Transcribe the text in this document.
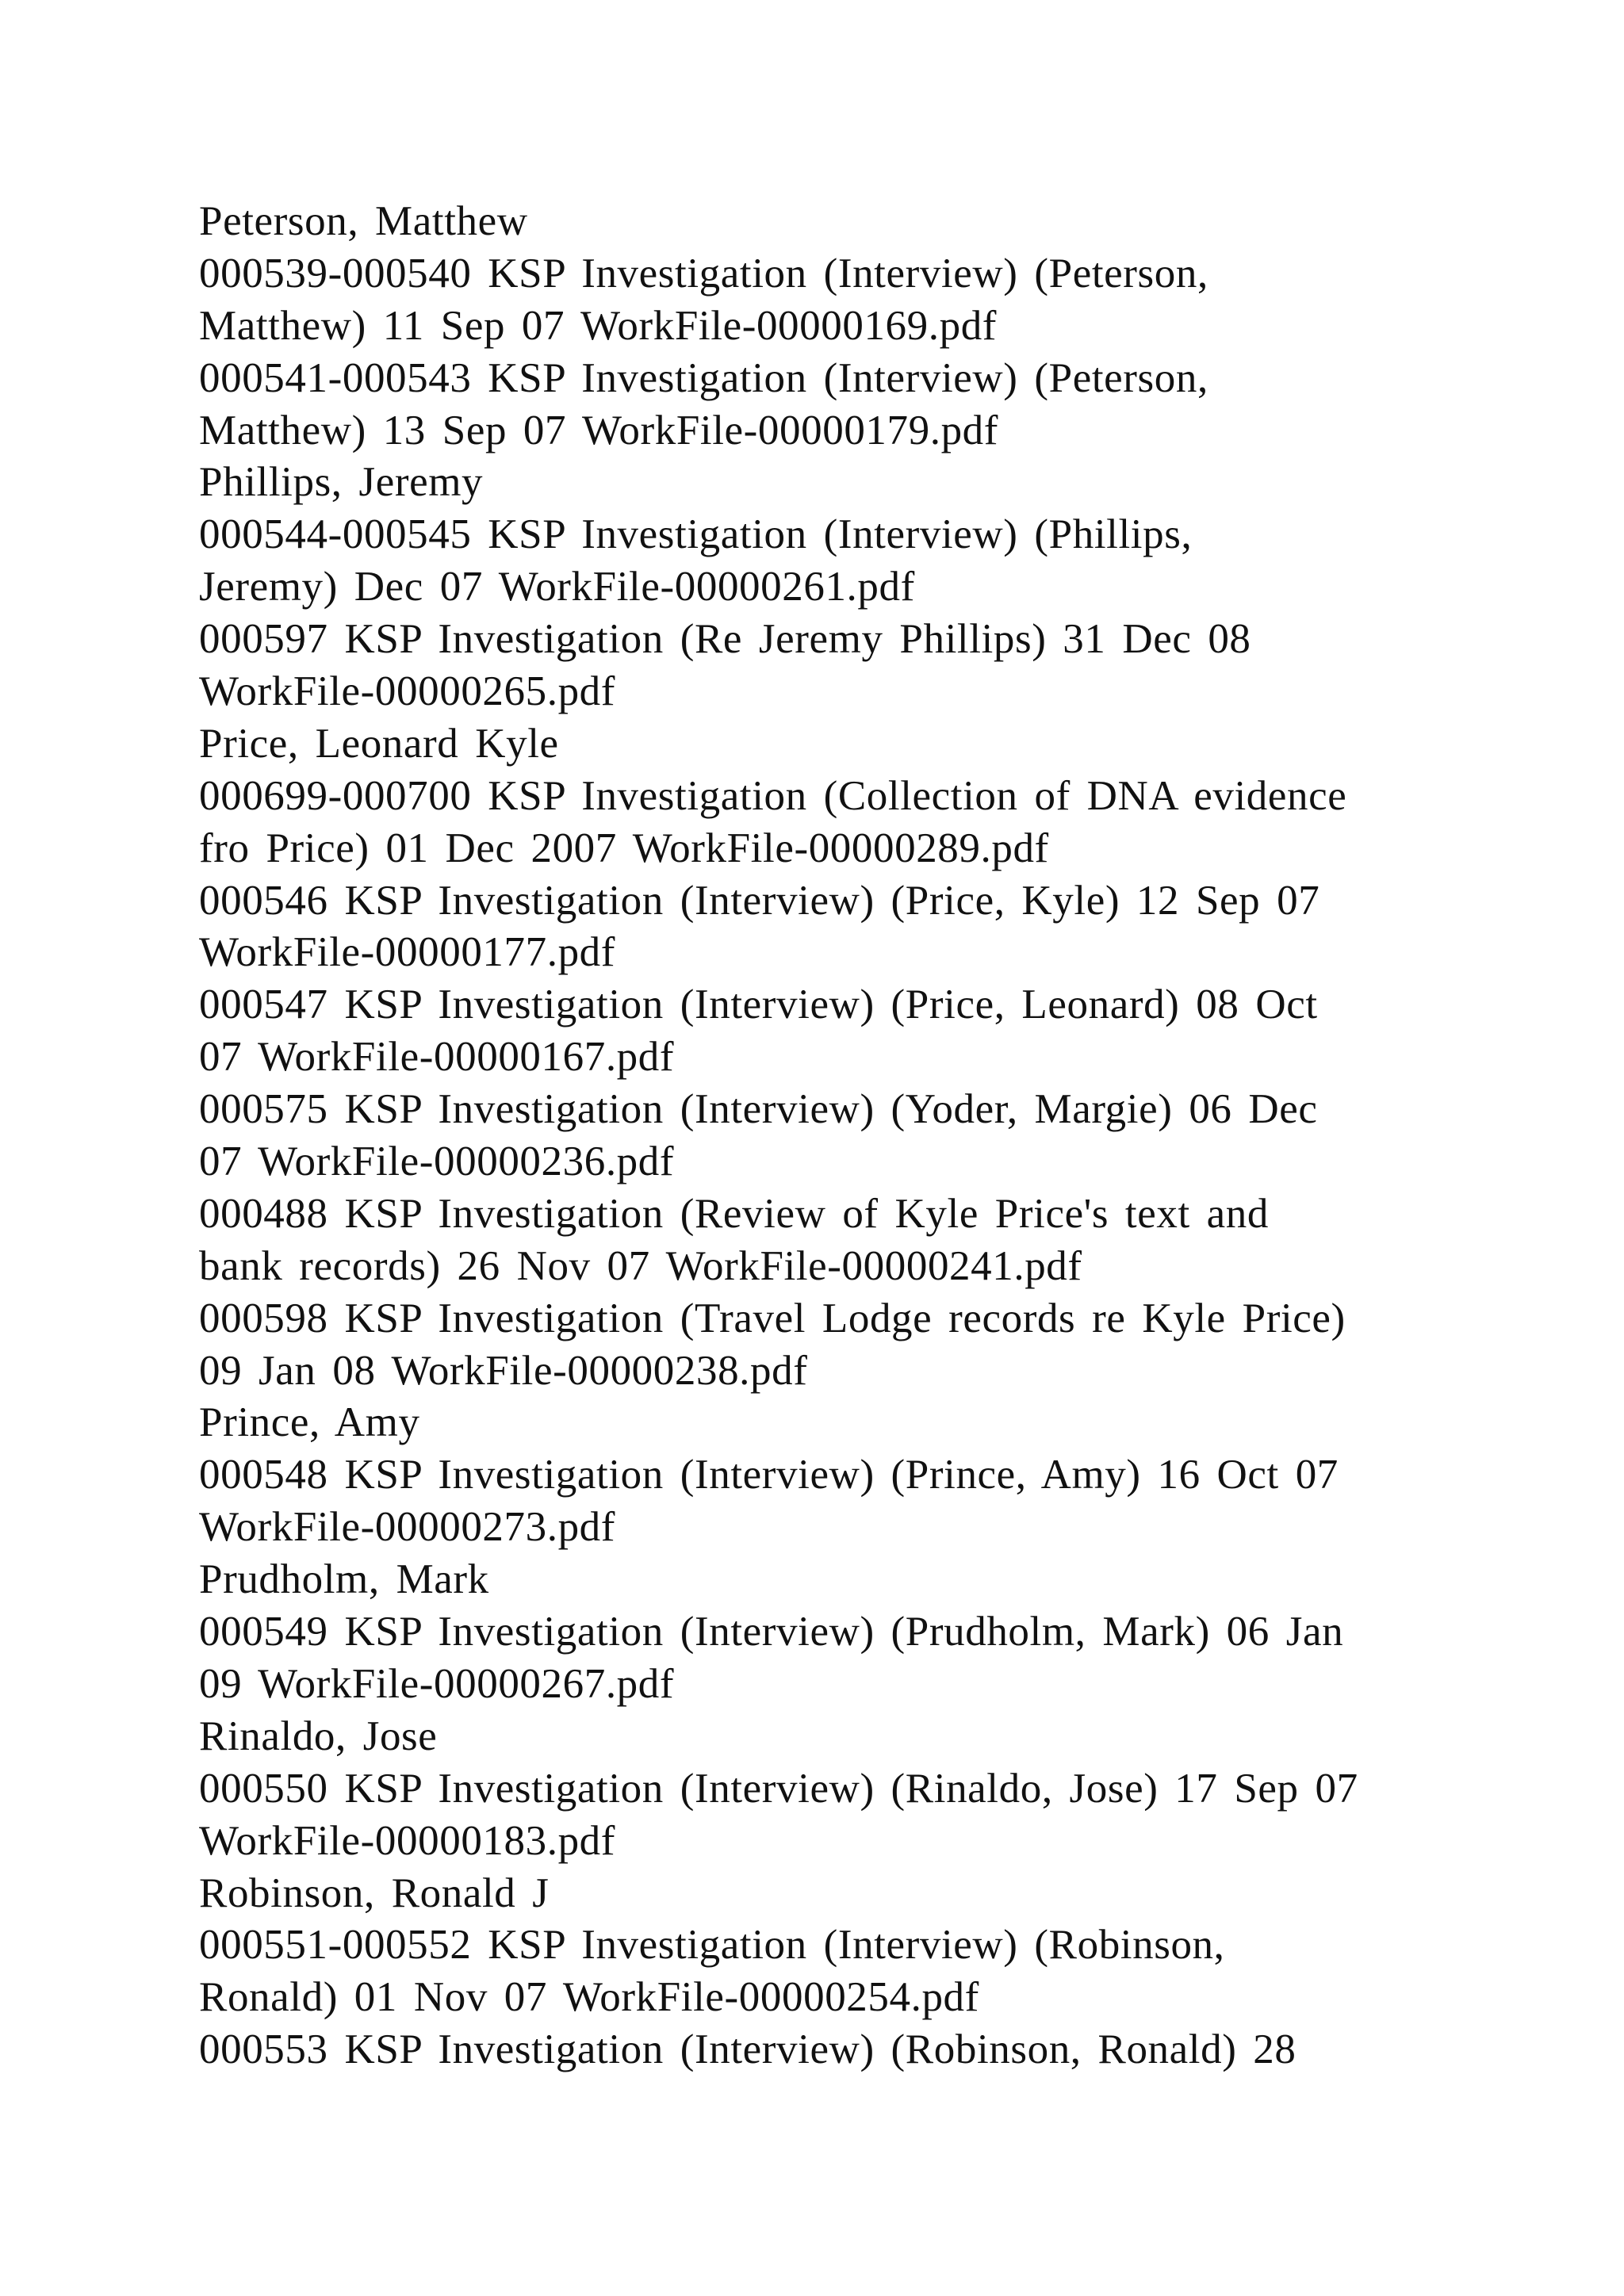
Peterson, Matthew
000539-000540 KSP Investigation (Interview) (Peterson,
Matthew) 11 Sep 07 WorkFile-00000169.pdf
000541-000543 KSP Investigation (Interview) (Peterson,
Matthew) 13 Sep 07 WorkFile-00000179.pdf
Phillips, Jeremy
000544-000545 KSP Investigation (Interview) (Phillips,
Jeremy) Dec 07 WorkFile-00000261.pdf
000597 KSP Investigation (Re Jeremy Phillips) 31 Dec 08
WorkFile-00000265.pdf
Price, Leonard Kyle
000699-000700 KSP Investigation (Collection of DNA evidence
fro Price) 01 Dec 2007 WorkFile-00000289.pdf
000546 KSP Investigation (Interview) (Price, Kyle) 12 Sep 07
WorkFile-00000177.pdf
000547 KSP Investigation (Interview) (Price, Leonard) 08 Oct
07 WorkFile-00000167.pdf
000575 KSP Investigation (Interview) (Yoder, Margie) 06 Dec
07 WorkFile-00000236.pdf
000488 KSP Investigation (Review of Kyle Price's text and
bank records) 26 Nov 07 WorkFile-00000241.pdf
000598 KSP Investigation (Travel Lodge records re Kyle Price)
09 Jan 08 WorkFile-00000238.pdf
Prince, Amy
000548 KSP Investigation (Interview) (Prince, Amy) 16 Oct 07
WorkFile-00000273.pdf
Prudholm, Mark
000549 KSP Investigation (Interview) (Prudholm, Mark) 06 Jan
09 WorkFile-00000267.pdf
Rinaldo, Jose
000550 KSP Investigation (Interview) (Rinaldo, Jose) 17 Sep 07
WorkFile-00000183.pdf
Robinson, Ronald J
000551-000552 KSP Investigation (Interview) (Robinson,
Ronald) 01 Nov 07 WorkFile-00000254.pdf
000553 KSP Investigation (Interview) (Robinson, Ronald) 28
